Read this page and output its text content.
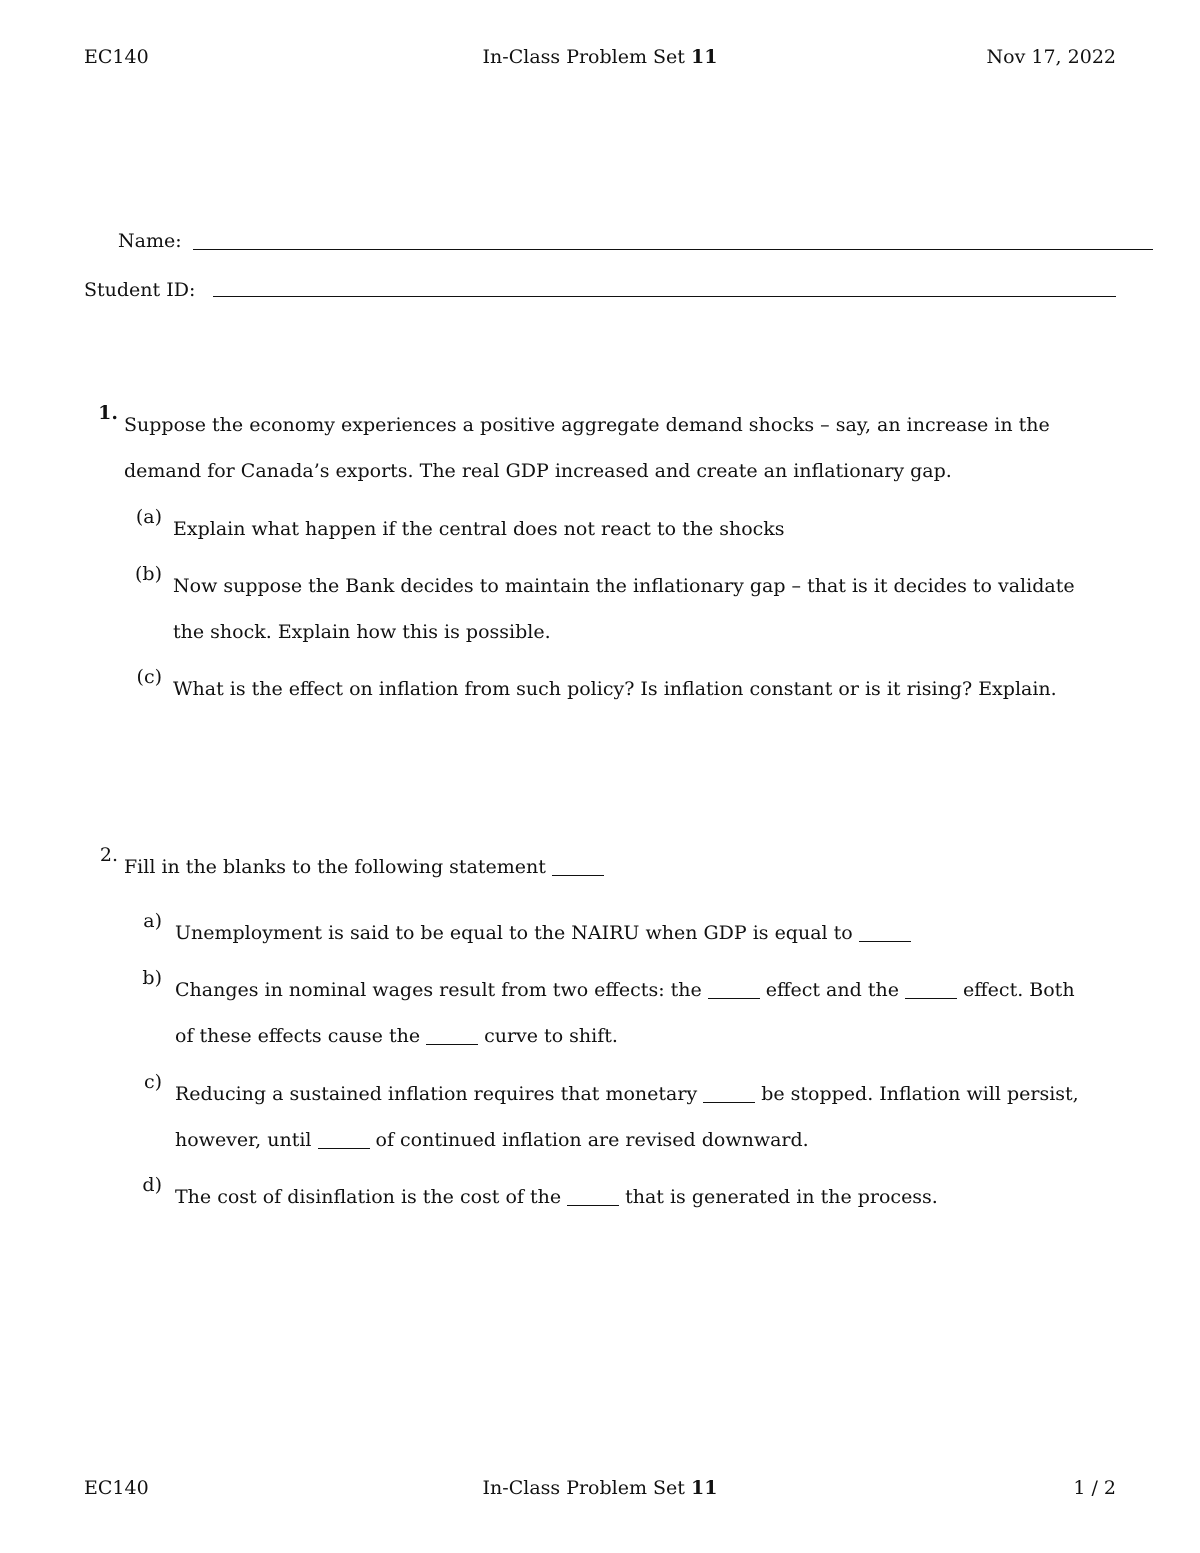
EC140	In-Class Problem Set 11	Nov 17, 2022
Name:
Student ID:
1.
Suppose the economy experiences a positive aggregate demand shocks – say, an increase in the
demand for Canada’s exports. The real GDP increased and create an inflationary gap.
(a)
Explain what happen if the central does not react to the shocks
(b)
Now suppose the Bank decides to maintain the inflationary gap – that is it decides to validate
the shock. Explain how this is possible.
(c)
What is the effect on inflation from such policy? Is inflation constant or is it rising? Explain.
2.
Fill in the blanks to the following statement
a)
Unemployment is said to be equal to the NAIRU when GDP is equal to
b)
Changes in nominal wages result from two effects: the	effect and the	effect. Both
of these effects cause the	curve to shift.
c)
Reducing a sustained inflation requires that monetary	be stopped. Inflation will persist,
however, until	of continued inflation are revised downward.
d)
The cost of disinflation is the cost of the	that is generated in the process.
EC140	In-Class Problem Set 11	1 / 2
